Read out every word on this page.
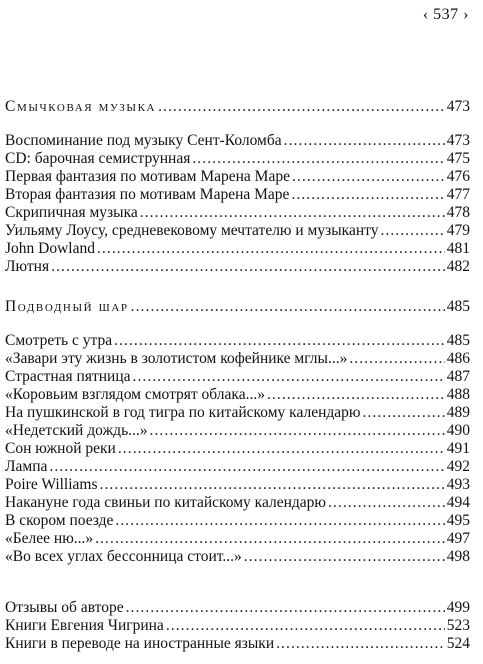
‹ 537 ›
Смычковая музыка . . .	473
Воспоминание под музыку Сент-Коломба . . .	473
CD: барочная семиструнная . . .	475
Первая фантазия по мотивам Марена Маре . . .	476
Вторая фантазия по мотивам Марена Маре . . .	477
Скрипичная музыка . . .	478
Уильяму Лоусу, средневековому мечтателю и музыканту . . .	479
John Dowland . . .	481
Лютня . . .	482
Подводный шар . . .	485
Смотреть с утра . . .	485
«Завари эту жизнь в золотистом кофейнике мглы...» . . .	486
Страстная пятница . . .	487
«Коровьим взглядом смотрят облака...» . . .	488
На пушкинской в год тигра по китайскому календарю . . .	489
«Недетский дождь...» . . .	490
Сон южной реки . . .	491
Лампа . . .	492
Poire Williams . . .	493
Накануне года свиньи по китайскому календарю . . .	494
В скором поезде . . .	495
«Белее ню...» . . .	497
«Во всех углах бессонница стоит...» . . .	498
Отзывы об авторе . . .	499
Книги Евгения Чигрина . . .	523
Книги в переводе на иностранные языки . . .	524
